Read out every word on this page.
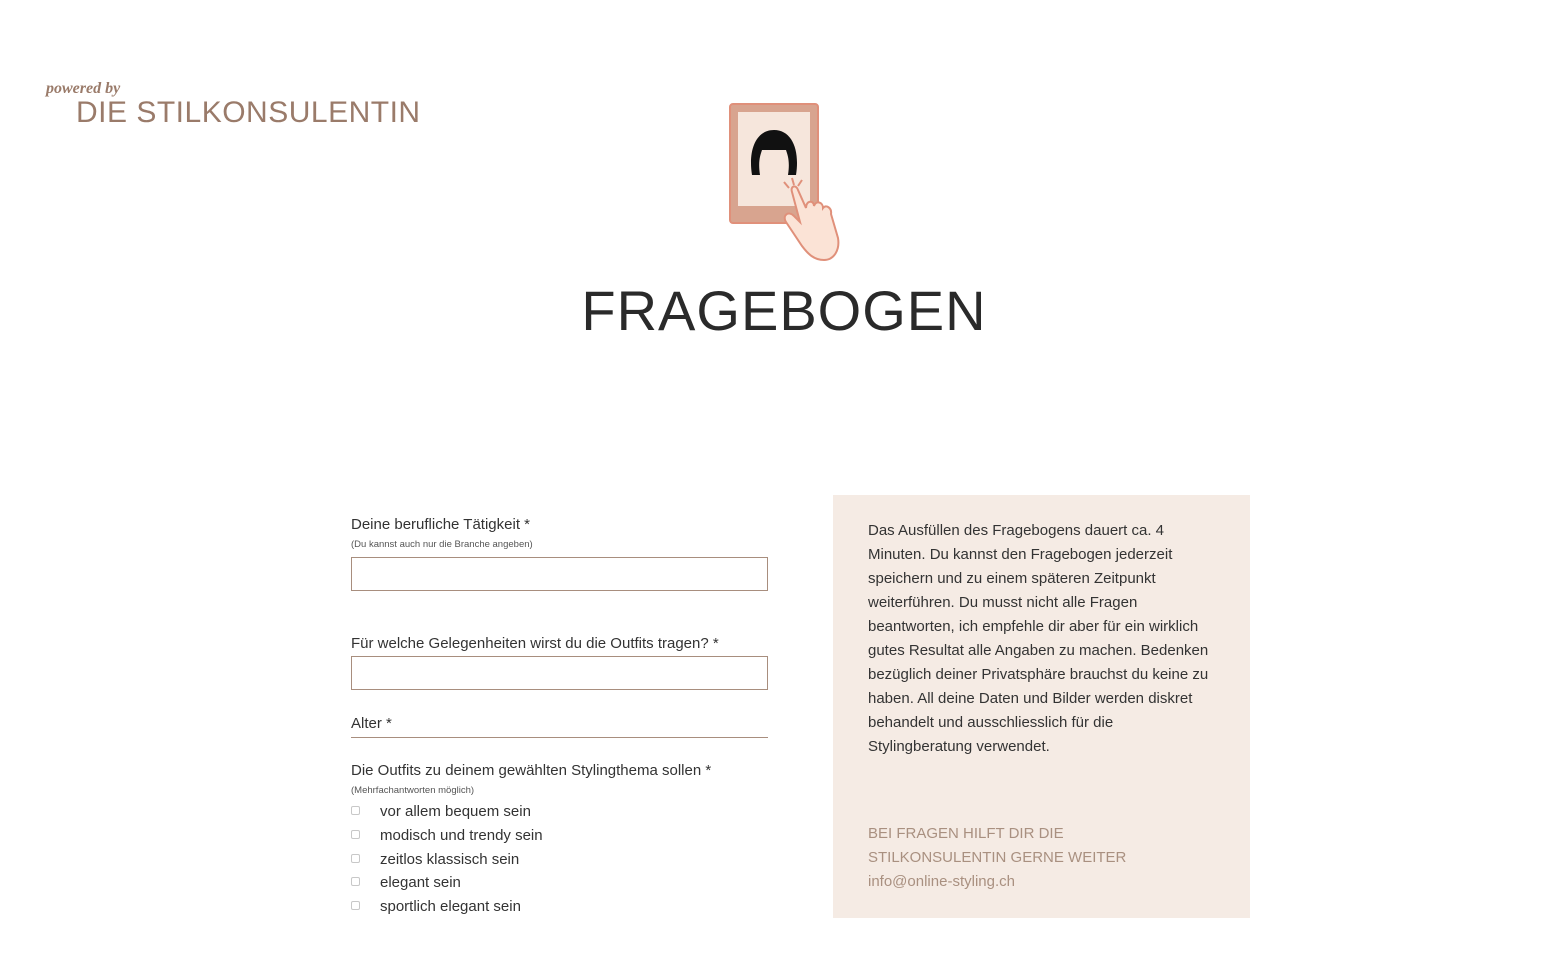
powered by
DIE STILKONSULENTIN
FRAGEBOGEN
Deine berufliche Tätigkeit *
(Du kannst auch nur die Branche angeben)
Für welche Gelegenheiten wirst du die Outfits tragen? *
Alter *
Die Outfits zu deinem gewählten Stylingthema sollen *
(Mehrfachantworten möglich)
vor allem bequem sein
modisch und trendy sein
zeitlos klassisch sein
elegant sein
sportlich elegant sein

Das Ausfüllen des Fragebogens dauert ca. 4 Minuten. Du kannst den Fragebogen jederzeit speichern und zu einem späteren Zeitpunkt weiterführen. Du musst nicht alle Fragen beantworten, ich empfehle dir aber für ein wirklich gutes Resultat alle Angaben zu machen. Bedenken bezüglich deiner Privatsphäre brauchst du keine zu haben. All deine Daten und Bilder werden diskret behandelt und ausschliesslich für die Stylingberatung verwendet.

BEI FRAGEN HILFT DIR DIE
STILKONSULENTIN GERNE WEITER
info@online-styling.ch
